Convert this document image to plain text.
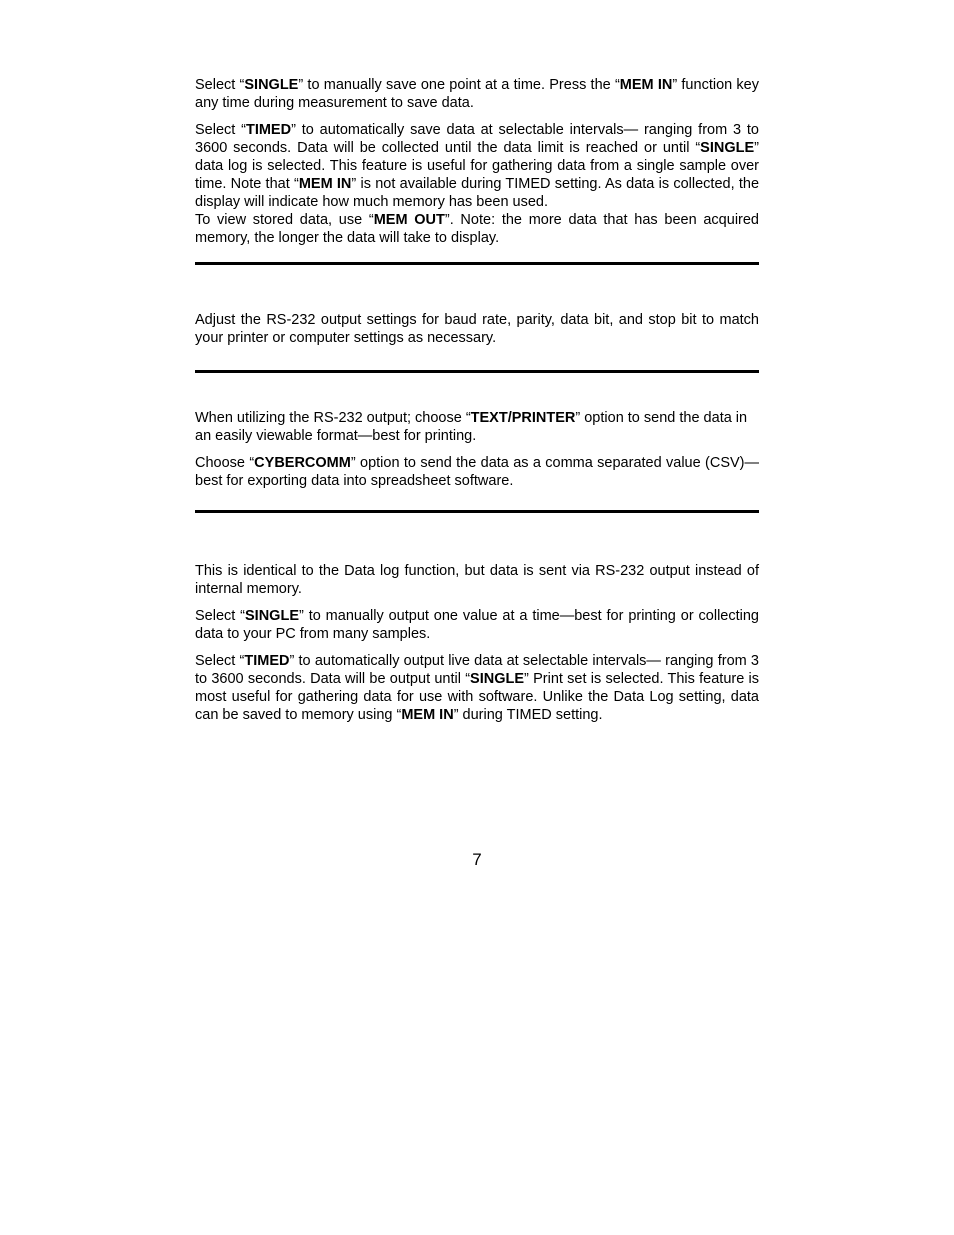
Select “SINGLE” to manually save one point at a time. Press the “MEM IN” function key any time during measurement to save data.

Select “TIMED” to automatically save data at selectable intervals— ranging from 3 to 3600 seconds. Data will be collected until the data limit is reached or until “SINGLE” data log is selected. This feature is useful for gathering data from a single sample over time. Note that “MEM IN” is not available during TIMED setting. As data is collected, the display will indicate how much memory has been used.

To view stored data, use “MEM OUT”. Note: the more data that has been acquired memory, the longer the data will take to display.

Adjust the RS-232 output settings for baud rate, parity, data bit, and stop bit to match your printer or computer settings as necessary.

When utilizing the RS-232 output; choose “TEXT/PRINTER” option to send the data in an easily viewable format—best for printing.

Choose “CYBERCOMM” option to send the data as a comma separated value (CSV)—best for exporting data into spreadsheet software.

This is identical to the Data log function, but data is sent via RS-232 output instead of internal memory.

Select “SINGLE” to manually output one value at a time—best for printing or collecting data to your PC from many samples.

Select “TIMED” to automatically output live data at selectable intervals— ranging from 3 to 3600 seconds. Data will be output until “SINGLE” Print set is selected. This feature is most useful for gathering data for use with software. Unlike the Data Log setting, data can be saved to memory using “MEM IN” during TIMED setting.

7
